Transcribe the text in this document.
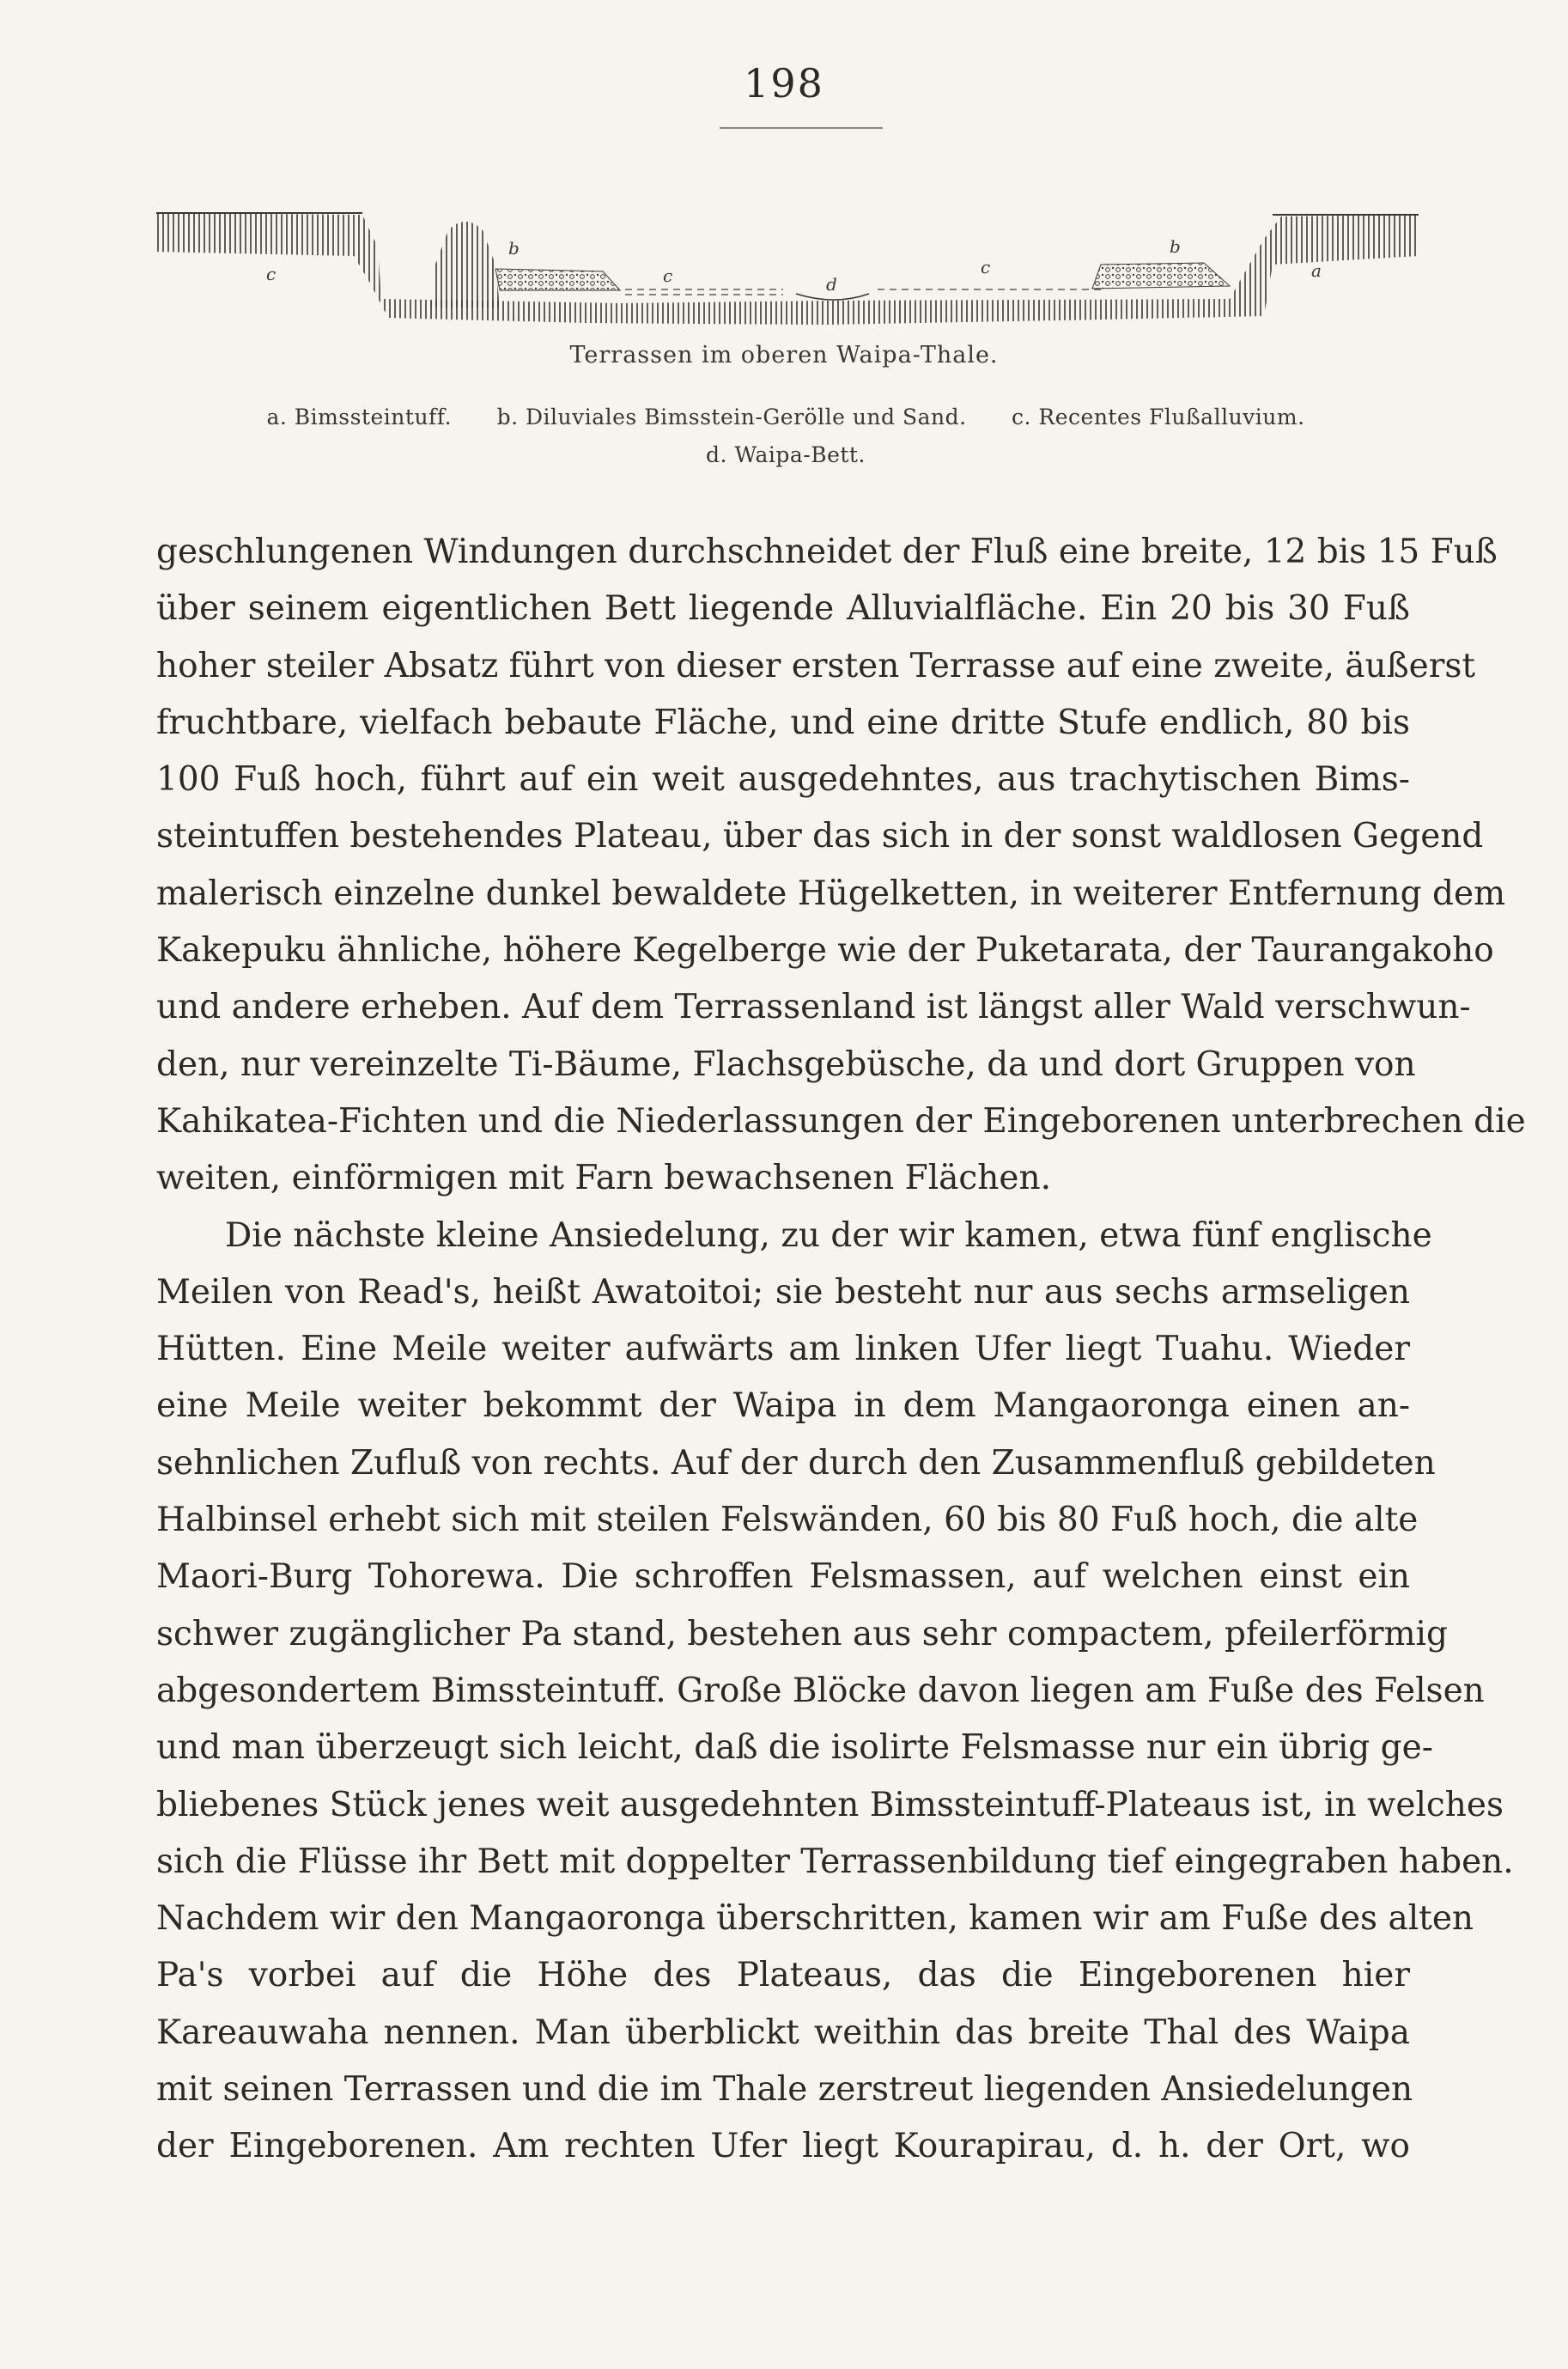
198
c
b
c	d
c
b
a
Terrassen im oberen Waipa-Thale.
a. Bimssteintuff. b. Diluviales Bimsstein-Gerölle und Sand. c. Recentes Flußalluvium.
d. Waipa-Bett.
geschlungenen Windungen durchschneidet der Fluß eine breite, 12 bis 15 Fuß
über seinem eigentlichen Bett liegende Alluvialfläche. Ein 20 bis 30 Fuß
hoher steiler Absatz führt von dieser ersten Terrasse auf eine zweite, äußerst
fruchtbare, vielfach bebaute Fläche, und eine dritte Stufe endlich, 80 bis
100 Fuß hoch, führt auf ein weit ausgedehntes, aus trachytischen Bims-
steintuffen bestehendes Plateau, über das sich in der sonst waldlosen Gegend
malerisch einzelne dunkel bewaldete Hügelketten, in weiterer Entfernung dem
Kakepuku ähnliche, höhere Kegelberge wie der Puketarata, der Taurangakoho
und andere erheben. Auf dem Terrassenland ist längst aller Wald verschwun-
den, nur vereinzelte Ti-Bäume, Flachsgebüsche, da und dort Gruppen von
Kahikatea-Fichten und die Niederlassungen der Eingeborenen unterbrechen die
weiten, einförmigen mit Farn bewachsenen Flächen.
Die nächste kleine Ansiedelung, zu der wir kamen, etwa fünf englische
Meilen von Read's, heißt Awatoitoi; sie besteht nur aus sechs armseligen
Hütten. Eine Meile weiter aufwärts am linken Ufer liegt Tuahu. Wieder
eine Meile weiter bekommt der Waipa in dem Mangaoronga einen an-
sehnlichen Zufluß von rechts. Auf der durch den Zusammenfluß gebildeten
Halbinsel erhebt sich mit steilen Felswänden, 60 bis 80 Fuß hoch, die alte
Maori-Burg Tohorewa. Die schroffen Felsmassen, auf welchen einst ein
schwer zugänglicher Pa stand, bestehen aus sehr compactem, pfeilerförmig
abgesondertem Bimssteintuff. Große Blöcke davon liegen am Fuße des Felsen
und man überzeugt sich leicht, daß die isolirte Felsmasse nur ein übrig ge-
bliebenes Stück jenes weit ausgedehnten Bimssteintuff-Plateaus ist, in welches
sich die Flüsse ihr Bett mit doppelter Terrassenbildung tief eingegraben haben.
Nachdem wir den Mangaoronga überschritten, kamen wir am Fuße des alten
Pa's vorbei auf die Höhe des Plateaus, das die Eingeborenen hier
Kareauwaha nennen. Man überblickt weithin das breite Thal des Waipa
mit seinen Terrassen und die im Thale zerstreut liegenden Ansiedelungen
der Eingeborenen. Am rechten Ufer liegt Kourapirau, d. h. der Ort, wo
